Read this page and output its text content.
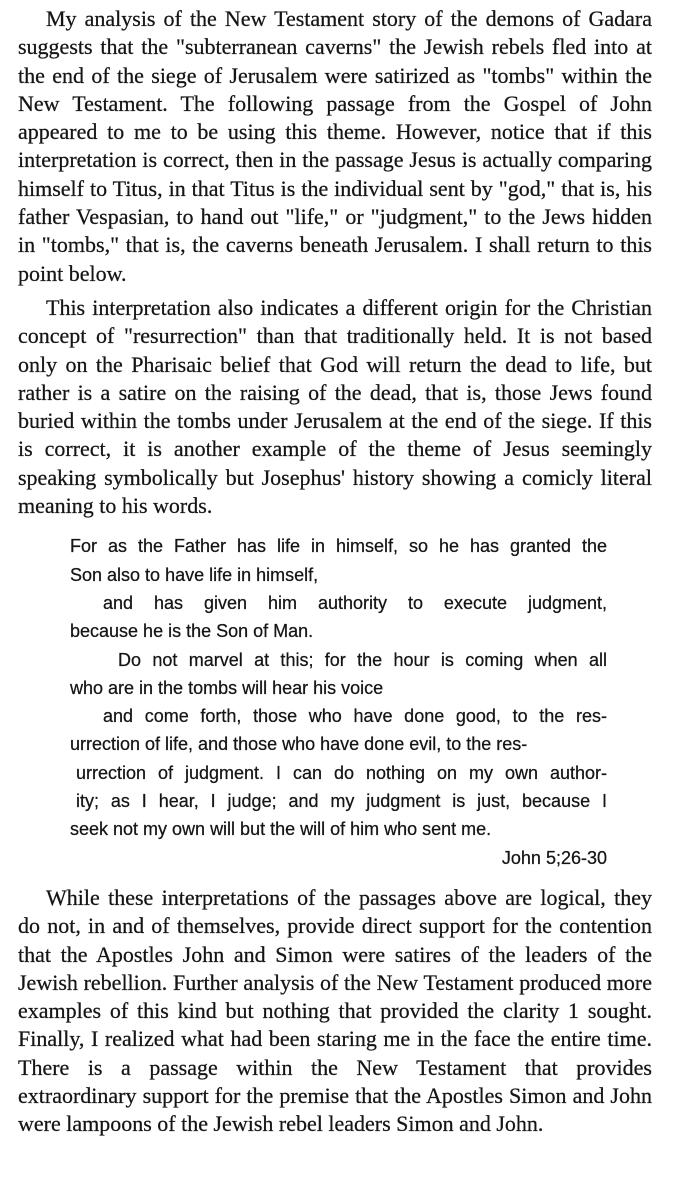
My analysis of the New Testament story of the demons of Gadara suggests that the "subterranean caverns" the Jewish rebels fled into at the end of the siege of Jerusalem were satirized as "tombs" within the New Testament. The following passage from the Gospel of John appeared to me to be using this theme. However, notice that if this interpretation is correct, then in the passage Jesus is actually comparing himself to Titus, in that Titus is the individual sent by "god," that is, his father Vespasian, to hand out "life," or "judgment," to the Jews hidden in "tombs," that is, the caverns beneath Jerusalem. I shall return to this point below.
This interpretation also indicates a different origin for the Christian concept of "resurrection" than that traditionally held. It is not based only on the Pharisaic belief that God will return the dead to life, but rather is a satire on the raising of the dead, that is, those Jews found buried within the tombs under Jerusalem at the end of the siege. If this is correct, it is another example of the theme of Jesus seemingly speaking symbolically but Josephus' history showing a comicly literal meaning to his words.
For as the Father has life in himself, so he has granted the
Son also to have life in himself,
and has given him authority to execute judgment,
because he is the Son of Man.
Do not marvel at this; for the hour is coming when all
who are in the tombs will hear his voice
and come forth, those who have done good, to the res-
urrection of life, and those who have done evil, to the res-
urrection of judgment. I can do nothing on my own author-
ity; as I hear, I judge; and my judgment is just, because I
seek not my own will but the will of him who sent me.
John 5;26-30
While these interpretations of the passages above are logical, they do not, in and of themselves, provide direct support for the contention that the Apostles John and Simon were satires of the leaders of the Jewish rebellion. Further analysis of the New Testament produced more examples of this kind but nothing that provided the clarity 1 sought. Finally, I realized what had been staring me in the face the entire time. There is a passage within the New Testament that provides extraordinary support for the premise that the Apostles Simon and John were lampoons of the Jewish rebel leaders Simon and John.
